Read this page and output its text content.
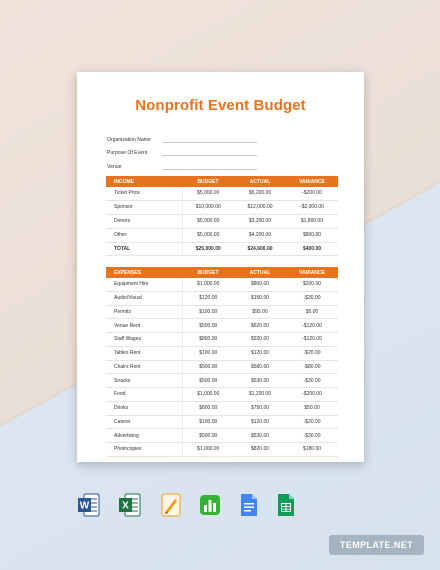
Nonprofit Event Budget
Organization Name
Purpose Of Event
Venue
INCOME	BUDGET	ACTUAL	VARIANCE
Ticket Price	$5,000.00	$5,200.00	-$200.00
Sponsor	$10,000.00	$12,000.00	-$2,000.00
Donors	$5,000.00	$3,200.00	$1,800.00
Other	$5,000.00	$4,200.00	$800.00
TOTAL	$25,000.00	$24,600.00	$400.00
EXPENSES	BUDGET	ACTUAL	VARIANCE
Equipment Hire	$1,000.00	$800.00	$200.00
Audio/Visual	$120.00	$150.00	-$30.00
Permits	$100.00	$95.00	$5.00
Venue Rent	$500.00	$620.00	-$120.00
Staff Wages	$800.00	$920.00	-$120.00
Tables Rent	$100.00	$120.00	-$20.00
Chairs Rent	$500.00	$580.00	-$80.00
Snacks	$500.00	$530.00	-$30.00
Food	$1,000.00	$1,200.00	-$200.00
Drinks	$800.00	$750.00	$50.00
Caterer	$100.00	$120.00	-$20.00
Advertising	$500.00	$530.00	-$30.00
Photocopies	$1,000.00	$820.00	$180.00
W	X
TEMPLATE.NET
